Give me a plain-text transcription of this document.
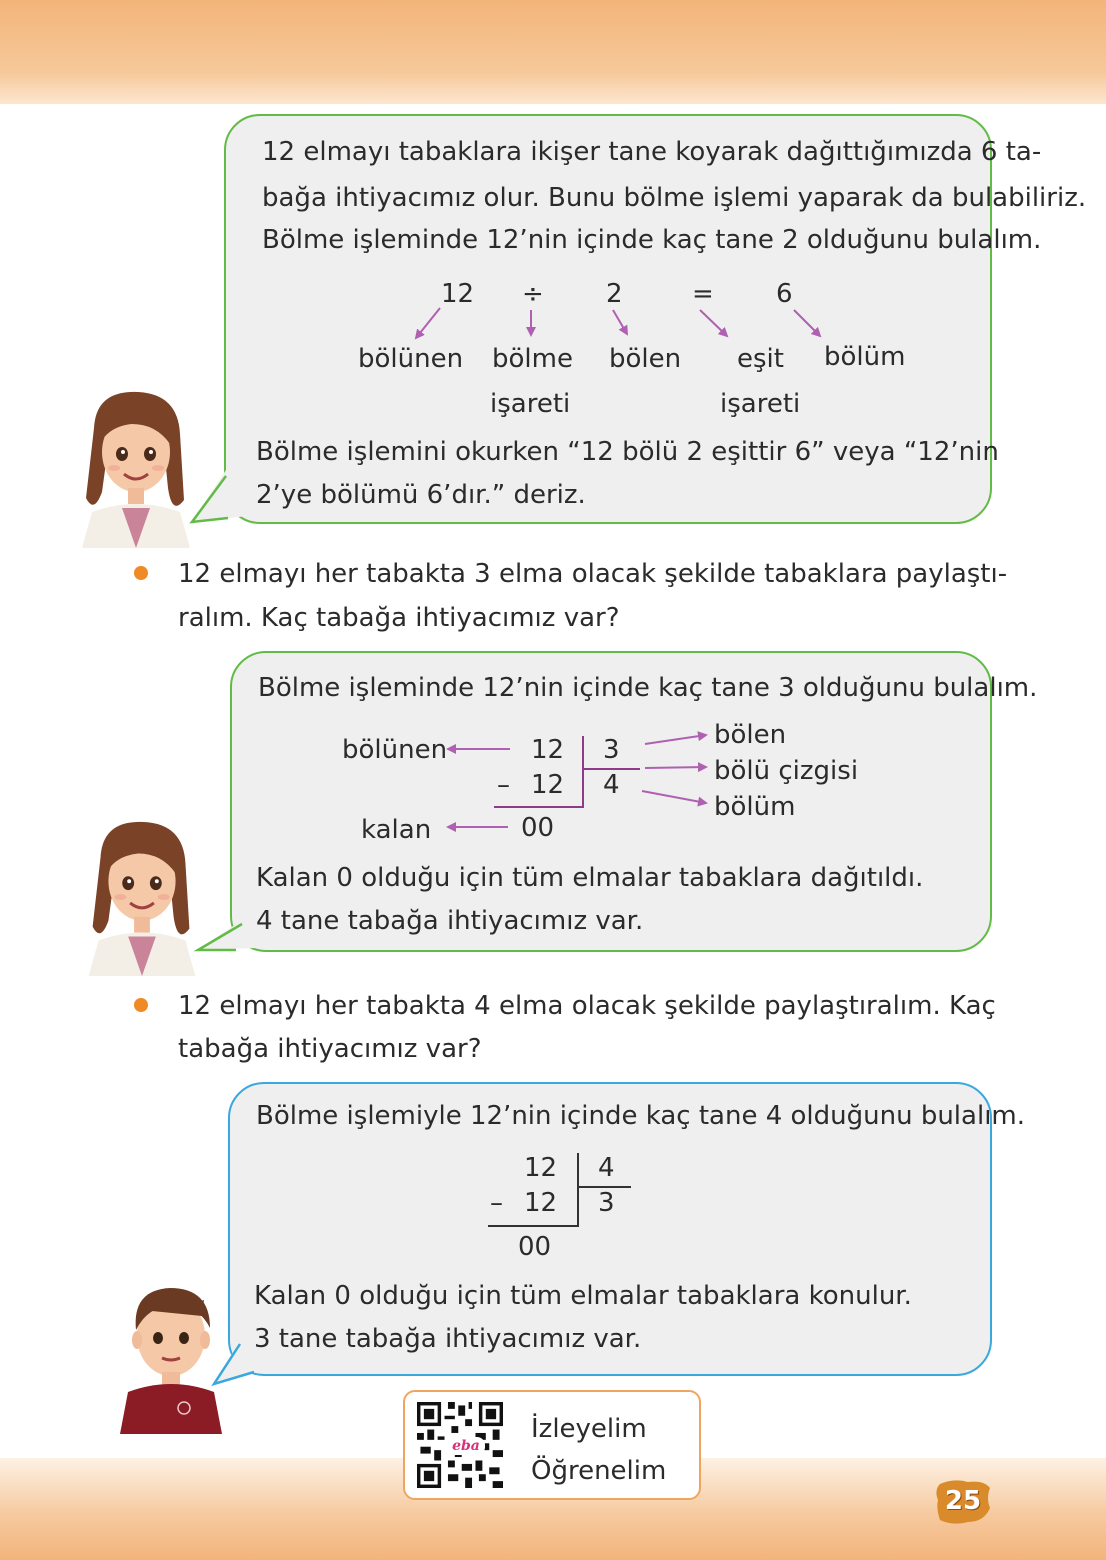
12 elmayı tabaklara ikişer tane koyarak dağıttığımızda 6 ta-
bağa ihtiyacımız olur. Bunu bölme işlemi yaparak da bulabiliriz.
Bölme işleminde 12’nin içinde kaç tane 2 olduğunu bulalım.
12 ÷ 2	= 6
bölünen bölme
işareti
bölen eşit
işareti
bölüm
Bölme işlemini okurken “12 bölü 2 eşittir 6” veya “12’nin
2’ye bölümü 6’dır.” deriz.
12 elmayı her tabakta 3 elma olacak şekilde tabaklara paylaştı-
ralım. Kaç tabağa ihtiyacımız var?
Bölme işleminde 12’nin içinde kaç tane 3 olduğunu bulalım.
bölünen	12 3
– 12 4
00
kalan
bölen
bölü çizgisi
bölüm
Kalan 0 olduğu için tüm elmalar tabaklara dağıtıldı.
4 tane tabağa ihtiyacımız var.
12 elmayı her tabakta 4 elma olacak şekilde paylaştıralım. Kaç
tabağa ihtiyacımız var?
Bölme işlemiyle 12’nin içinde kaç tane 4 olduğunu bulalım.
12 4
– 12 3
00
Kalan 0 olduğu için tüm elmalar tabaklara konulur.
3 tane tabağa ihtiyacımız var.
eba
İzleyelim
Öğrenelim
25
